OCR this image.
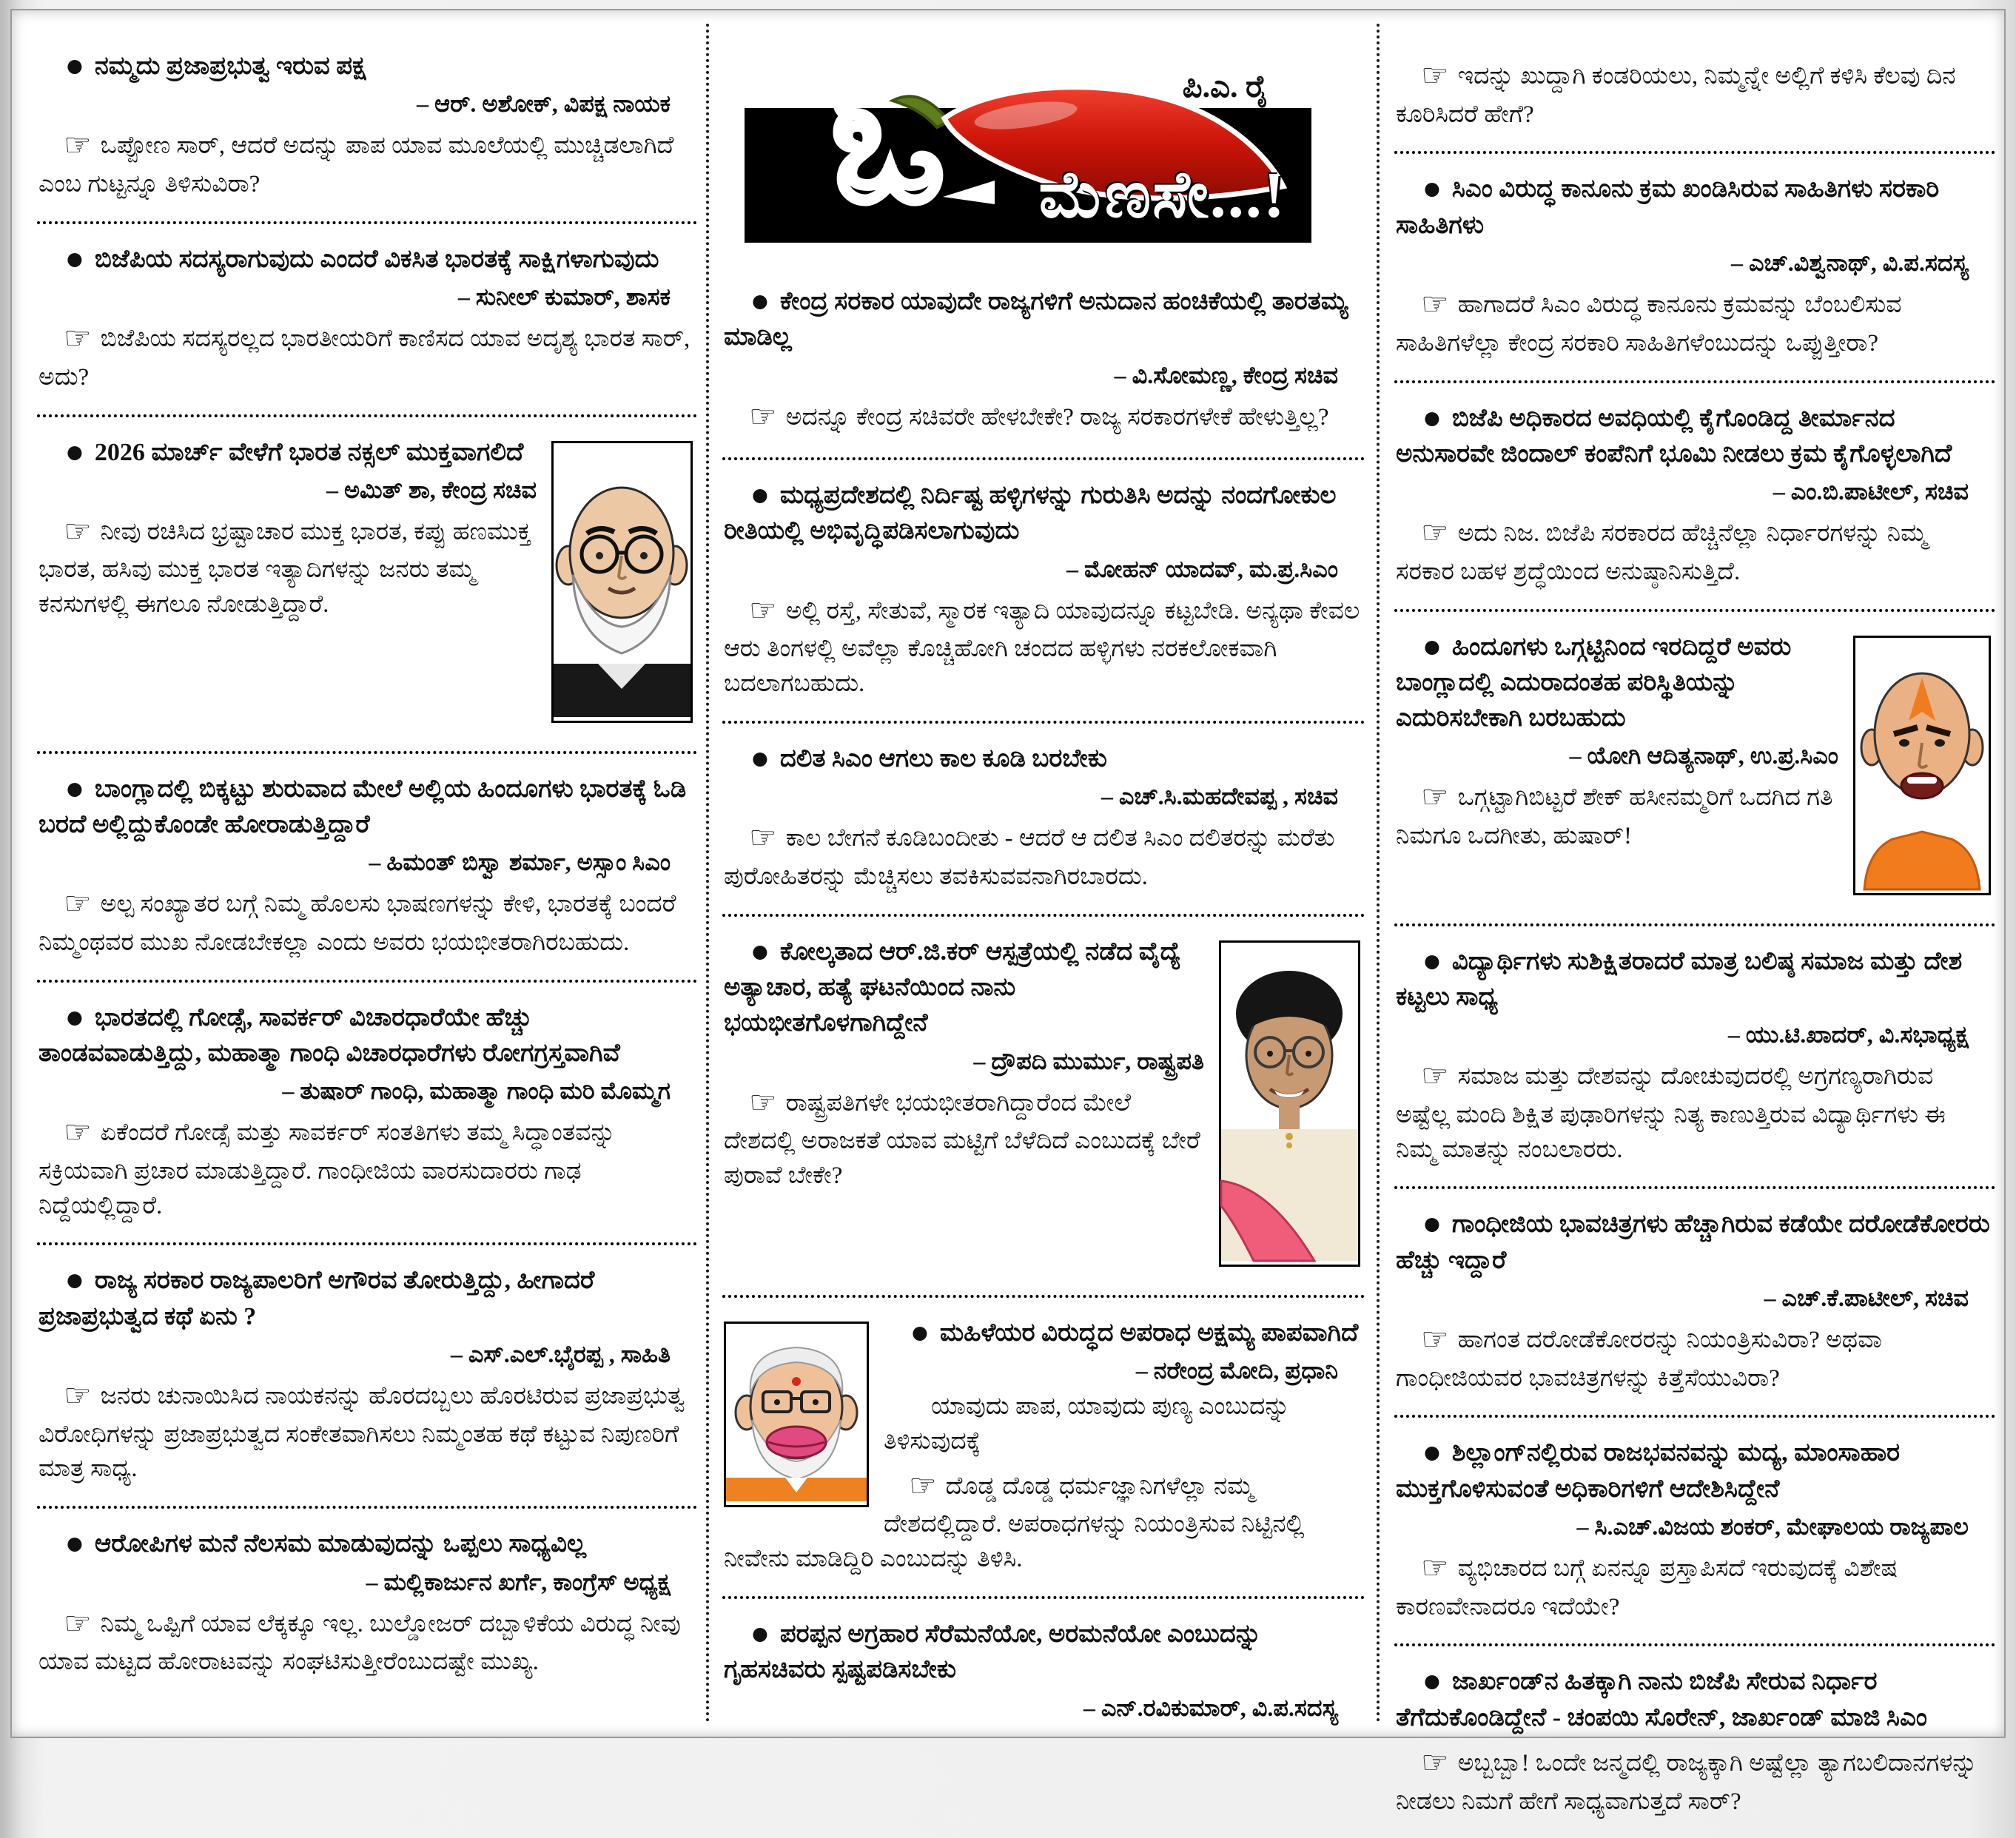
● ನಮ್ಮದು ಪ್ರಜಾಪ್ರಭುತ್ವ ಇರುವ ಪಕ್ಷ

– ಆರ್. ಅಶೋಕ್, ವಿಪಕ್ಷ ನಾಯಕ

☞ ಒಪ್ಪೋಣ ಸಾರ್, ಆದರೆ ಅದನ್ನು ಪಾಪ ಯಾವ ಮೂಲೆಯಲ್ಲಿ ಮುಚ್ಚಿಡಲಾಗಿದೆ ಎಂಬ ಗುಟ್ಟನ್ನೂ ತಿಳಿಸುವಿರಾ?

● ಬಿಜೆಪಿಯ ಸದಸ್ಯರಾಗುವುದು ಎಂದರೆ ವಿಕಸಿತ ಭಾರತಕ್ಕೆ ಸಾಕ್ಷಿಗಳಾಗುವುದು

– ಸುನೀಲ್ ಕುಮಾರ್, ಶಾಸಕ

☞ ಬಿಜೆಪಿಯ ಸದಸ್ಯರಲ್ಲದ ಭಾರತೀಯರಿಗೆ ಕಾಣಿಸದ ಯಾವ ಅದೃಶ್ಯ ಭಾರತ ಸಾರ್, ಅದು?

● 2026 ಮಾರ್ಚ್ ವೇಳೆಗೆ ಭಾರತ ನಕ್ಸಲ್ ಮುಕ್ತವಾಗಲಿದೆ

– ಅಮಿತ್ ಶಾ, ಕೇಂದ್ರ ಸಚಿವ

☞ ನೀವು ರಚಿಸಿದ ಭ್ರಷ್ಟಾಚಾರ ಮುಕ್ತ ಭಾರತ, ಕಪ್ಪು ಹಣಮುಕ್ತ ಭಾರತ, ಹಸಿವು ಮುಕ್ತ ಭಾರತ ಇತ್ಯಾದಿಗಳನ್ನು ಜನರು ತಮ್ಮ ಕನಸುಗಳಲ್ಲಿ ಈಗಲೂ ನೋಡುತ್ತಿದ್ದಾರೆ.

● ಬಾಂಗ್ಲಾದಲ್ಲಿ ಬಿಕ್ಕಟ್ಟು ಶುರುವಾದ ಮೇಲೆ ಅಲ್ಲಿಯ ಹಿಂದೂಗಳು ಭಾರತಕ್ಕೆ ಓಡಿ ಬರದೆ ಅಲ್ಲಿದ್ದುಕೊಂಡೇ ಹೋರಾಡುತ್ತಿದ್ದಾರೆ

– ಹಿಮಂತ್ ಬಿಸ್ವಾ ಶರ್ಮಾ, ಅಸ್ಸಾಂ ಸಿಎಂ

☞ ಅಲ್ಪ ಸಂಖ್ಯಾತರ ಬಗ್ಗೆ ನಿಮ್ಮ ಹೊಲಸು ಭಾಷಣಗಳನ್ನು ಕೇಳಿ, ಭಾರತಕ್ಕೆ ಬಂದರೆ ನಿಮ್ಮಂಥವರ ಮುಖ ನೋಡಬೇಕಲ್ಲಾ ಎಂದು ಅವರು ಭಯಭೀತರಾಗಿರಬಹುದು.

● ಭಾರತದಲ್ಲಿ ಗೋಡ್ಸೆ, ಸಾವರ್ಕರ್ ವಿಚಾರಧಾರೆಯೇ ಹೆಚ್ಚು ತಾಂಡವವಾಡುತ್ತಿದ್ದು, ಮಹಾತ್ಮಾ ಗಾಂಧಿ ವಿಚಾರಧಾರೆಗಳು ರೋಗಗ್ರಸ್ತವಾಗಿವೆ

– ತುಷಾರ್ ಗಾಂಧಿ, ಮಹಾತ್ಮಾ ಗಾಂಧಿ ಮರಿ ಮೊಮ್ಮಗ

☞ ಏಕೆಂದರೆ ಗೋಡ್ಸೆ ಮತ್ತು ಸಾವರ್ಕರ್ ಸಂತತಿಗಳು ತಮ್ಮ ಸಿದ್ಧಾಂತವನ್ನು ಸಕ್ರಿಯವಾಗಿ ಪ್ರಚಾರ ಮಾಡುತ್ತಿದ್ದಾರೆ. ಗಾಂಧೀಜಿಯ ವಾರಸುದಾರರು ಗಾಢ ನಿದ್ದೆಯಲ್ಲಿದ್ದಾರೆ.

● ರಾಜ್ಯ ಸರಕಾರ ರಾಜ್ಯಪಾಲರಿಗೆ ಅಗೌರವ ತೋರುತ್ತಿದ್ದು, ಹೀಗಾದರೆ ಪ್ರಜಾಪ್ರಭುತ್ವದ ಕಥೆ ಏನು ?

– ಎಸ್.ಎಲ್.ಭೈರಪ್ಪ , ಸಾಹಿತಿ

☞ ಜನರು ಚುನಾಯಿಸಿದ ನಾಯಕನನ್ನು ಹೊರದಬ್ಬಲು ಹೊರಟಿರುವ ಪ್ರಜಾಪ್ರಭುತ್ವ ವಿರೋಧಿಗಳನ್ನು ಪ್ರಜಾಪ್ರಭುತ್ವದ ಸಂಕೇತವಾಗಿಸಲು ನಿಮ್ಮಂತಹ ಕಥೆ ಕಟ್ಟುವ ನಿಪುಣರಿಗೆ ಮಾತ್ರ ಸಾಧ್ಯ.

● ಆರೋಪಿಗಳ ಮನೆ ನೆಲಸಮ ಮಾಡುವುದನ್ನು ಒಪ್ಪಲು ಸಾಧ್ಯವಿಲ್ಲ

– ಮಲ್ಲಿಕಾರ್ಜುನ ಖರ್ಗೆ, ಕಾಂಗ್ರೆಸ್ ಅಧ್ಯಕ್ಷ

☞ ನಿಮ್ಮ ಒಪ್ಪಿಗೆ ಯಾವ ಲೆಕ್ಕಕ್ಕೂ ಇಲ್ಲ. ಬುಲ್ಡೋಜರ್ ದಬ್ಬಾಳಿಕೆಯ ವಿರುದ್ಧ ನೀವು ಯಾವ ಮಟ್ಟದ ಹೋರಾಟವನ್ನು ಸಂಘಟಿಸುತ್ತೀರೆಂಬುದಷ್ಟೇ ಮುಖ್ಯ.

ಪಿ.ಎ. ರೈ
ಓ ಮೆಣಸೇ...!

● ಕೇಂದ್ರ ಸರಕಾರ ಯಾವುದೇ ರಾಜ್ಯಗಳಿಗೆ ಅನುದಾನ ಹಂಚಿಕೆಯಲ್ಲಿ ತಾರತಮ್ಯ ಮಾಡಿಲ್ಲ

– ವಿ.ಸೋಮಣ್ಣ, ಕೇಂದ್ರ ಸಚಿವ

☞ ಅದನ್ನೂ ಕೇಂದ್ರ ಸಚಿವರೇ ಹೇಳಬೇಕೇ? ರಾಜ್ಯ ಸರಕಾರಗಳೇಕೆ ಹೇಳುತ್ತಿಲ್ಲ?

● ಮಧ್ಯಪ್ರದೇಶದಲ್ಲಿ ನಿರ್ದಿಷ್ಟ ಹಳ್ಳಿಗಳನ್ನು ಗುರುತಿಸಿ ಅದನ್ನು ನಂದಗೋಕುಲ ರೀತಿಯಲ್ಲಿ ಅಭಿವೃದ್ಧಿಪಡಿಸಲಾಗುವುದು

– ಮೋಹನ್ ಯಾದವ್, ಮ.ಪ್ರ.ಸಿಎಂ

☞ ಅಲ್ಲಿ ರಸ್ತೆ, ಸೇತುವೆ, ಸ್ಮಾರಕ ಇತ್ಯಾದಿ ಯಾವುದನ್ನೂ ಕಟ್ಟಬೇಡಿ. ಅನ್ಯಥಾ ಕೇವಲ ಆರು ತಿಂಗಳಲ್ಲಿ ಅವೆಲ್ಲಾ ಕೊಚ್ಚಿಹೋಗಿ ಚಂದದ ಹಳ್ಳಿಗಳು ನರಕಲೋಕವಾಗಿ ಬದಲಾಗಬಹುದು.

● ದಲಿತ ಸಿಎಂ ಆಗಲು ಕಾಲ ಕೂಡಿ ಬರಬೇಕು

– ಎಚ್.ಸಿ.ಮಹದೇವಪ್ಪ , ಸಚಿವ

☞ ಕಾಲ ಬೇಗನೆ ಕೂಡಿಬಂದೀತು - ಆದರೆ ಆ ದಲಿತ ಸಿಎಂ ದಲಿತರನ್ನು ಮರೆತು ಪುರೋಹಿತರನ್ನು ಮೆಚ್ಚಿಸಲು ತವಕಿಸುವವನಾಗಿರಬಾರದು.

● ಕೋಲ್ಕತಾದ ಆರ್.ಜಿ.ಕರ್ ಆಸ್ಪತ್ರೆಯಲ್ಲಿ ನಡೆದ ವೈದ್ಯೆ ಅತ್ಯಾಚಾರ, ಹತ್ಯೆ ಘಟನೆಯಿಂದ ನಾನು ಭಯಭೀತಗೊಳಗಾಗಿದ್ದೇನೆ

– ದ್ರೌಪದಿ ಮುರ್ಮು, ರಾಷ್ಟ್ರಪತಿ

☞ ರಾಷ್ಟ್ರಪತಿಗಳೇ ಭಯಭೀತರಾಗಿದ್ದಾರೆಂದ ಮೇಲೆ ದೇಶದಲ್ಲಿ ಅರಾಜಕತೆ ಯಾವ ಮಟ್ಟಿಗೆ ಬೆಳೆದಿದೆ ಎಂಬುದಕ್ಕೆ ಬೇರೆ ಪುರಾವೆ ಬೇಕೇ?

● ಮಹಿಳೆಯರ ವಿರುದ್ಧದ ಅಪರಾಧ ಅಕ್ಷಮ್ಯ ಪಾಪವಾಗಿದೆ

– ನರೇಂದ್ರ ಮೋದಿ, ಪ್ರಧಾನಿ

ಯಾವುದು ಪಾಪ, ಯಾವುದು ಪುಣ್ಯ ಎಂಬುದನ್ನು ತಿಳಿಸುವುದಕ್ಕೆ

☞ ದೊಡ್ಡ ದೊಡ್ಡ ಧರ್ಮಜ್ಞಾನಿಗಳೆಲ್ಲಾ ನಮ್ಮ ದೇಶದಲ್ಲಿದ್ದಾರೆ. ಅಪರಾಧಗಳನ್ನು ನಿಯಂತ್ರಿಸುವ ನಿಟ್ಟಿನಲ್ಲಿ ನೀವೇನು ಮಾಡಿದ್ದಿರಿ ಎಂಬುದನ್ನು ತಿಳಿಸಿ.

● ಪರಪ್ಪನ ಅಗ್ರಹಾರ ಸೆರೆಮನೆಯೋ, ಅರಮನೆಯೋ ಎಂಬುದನ್ನು ಗೃಹಸಚಿವರು ಸ್ಪಷ್ಟಪಡಿಸಬೇಕು

– ಎನ್.ರವಿಕುಮಾರ್, ವಿ.ಪ.ಸದಸ್ಯ

☞ ಇದನ್ನು ಖುದ್ದಾಗಿ ಕಂಡರಿಯಲು, ನಿಮ್ಮನ್ನೇ ಅಲ್ಲಿಗೆ ಕಳಿಸಿ ಕೆಲವು ದಿನ ಕೂರಿಸಿದರೆ ಹೇಗೆ?

● ಸಿಎಂ ವಿರುದ್ಧ ಕಾನೂನು ಕ್ರಮ ಖಂಡಿಸಿರುವ ಸಾಹಿತಿಗಳು ಸರಕಾರಿ ಸಾಹಿತಿಗಳು

– ಎಚ್.ವಿಶ್ವನಾಥ್, ವಿ.ಪ.ಸದಸ್ಯ

☞ ಹಾಗಾದರೆ ಸಿಎಂ ವಿರುದ್ಧ ಕಾನೂನು ಕ್ರಮವನ್ನು ಬೆಂಬಲಿಸುವ ಸಾಹಿತಿಗಳೆಲ್ಲಾ ಕೇಂದ್ರ ಸರಕಾರಿ ಸಾಹಿತಿಗಳೆಂಬುದನ್ನು ಒಪ್ಪುತ್ತೀರಾ?

● ಬಿಜೆಪಿ ಅಧಿಕಾರದ ಅವಧಿಯಲ್ಲಿ ಕೈಗೊಂಡಿದ್ದ ತೀರ್ಮಾನದ ಅನುಸಾರವೇ ಜಿಂದಾಲ್ ಕಂಪೆನಿಗೆ ಭೂಮಿ ನೀಡಲು ಕ್ರಮ ಕೈಗೊಳ್ಳಲಾಗಿದೆ

– ಎಂ.ಬಿ.ಪಾಟೀಲ್, ಸಚಿವ

☞ ಅದು ನಿಜ. ಬಿಜೆಪಿ ಸರಕಾರದ ಹೆಚ್ಚಿನೆಲ್ಲಾ ನಿರ್ಧಾರಗಳನ್ನು ನಿಮ್ಮ ಸರಕಾರ ಬಹಳ ಶ್ರದ್ಧೆಯಿಂದ ಅನುಷ್ಠಾನಿಸುತ್ತಿದೆ.

● ಹಿಂದೂಗಳು ಒಗ್ಗಟ್ಟಿನಿಂದ ಇರದಿದ್ದರೆ ಅವರು ಬಾಂಗ್ಲಾದಲ್ಲಿ ಎದುರಾದಂತಹ ಪರಿಸ್ಥಿತಿಯನ್ನು ಎದುರಿಸಬೇಕಾಗಿ ಬರಬಹುದು

– ಯೋಗಿ ಆದಿತ್ಯನಾಥ್, ಉ.ಪ್ರ.ಸಿಎಂ

☞ ಒಗ್ಗಟ್ಟಾಗಿಬಿಟ್ಟರೆ ಶೇಕ್ ಹಸೀನಮ್ಮರಿಗೆ ಒದಗಿದ ಗತಿ ನಿಮಗೂ ಒದಗೀತು, ಹುಷಾರ್!

● ವಿದ್ಯಾರ್ಥಿಗಳು ಸುಶಿಕ್ಷಿತರಾದರೆ ಮಾತ್ರ ಬಲಿಷ್ಠ ಸಮಾಜ ಮತ್ತು ದೇಶ ಕಟ್ಟಲು ಸಾಧ್ಯ

– ಯು.ಟಿ.ಖಾದರ್, ವಿ.ಸಭಾಧ್ಯಕ್ಷ

☞ ಸಮಾಜ ಮತ್ತು ದೇಶವನ್ನು ದೋಚುವುದರಲ್ಲಿ ಅಗ್ರಗಣ್ಯರಾಗಿರುವ ಅಷ್ಟೆಲ್ಲ ಮಂದಿ ಶಿಕ್ಷಿತ ಪುಢಾರಿಗಳನ್ನು ನಿತ್ಯ ಕಾಣುತ್ತಿರುವ ವಿದ್ಯಾರ್ಥಿಗಳು ಈ ನಿಮ್ಮ ಮಾತನ್ನು ನಂಬಲಾರರು.

● ಗಾಂಧೀಜಿಯ ಭಾವಚಿತ್ರಗಳು ಹೆಚ್ಚಾಗಿರುವ ಕಡೆಯೇ ದರೋಡೆಕೋರರು ಹೆಚ್ಚು ಇದ್ದಾರೆ

– ಎಚ್.ಕೆ.ಪಾಟೀಲ್, ಸಚಿವ

☞ ಹಾಗಂತ ದರೋಡೆಕೋರರನ್ನು ನಿಯಂತ್ರಿಸುವಿರಾ? ಅಥವಾ ಗಾಂಧೀಜಿಯವರ ಭಾವಚಿತ್ರಗಳನ್ನು ಕಿತ್ತೆಸೆಯುವಿರಾ?

● ಶಿಲ್ಲಾಂಗ್‌ನಲ್ಲಿರುವ ರಾಜಭವನವನ್ನು ಮದ್ಯ, ಮಾಂಸಾಹಾರ ಮುಕ್ತಗೊಳಿಸುವಂತೆ ಅಧಿಕಾರಿಗಳಿಗೆ ಆದೇಶಿಸಿದ್ದೇನೆ

– ಸಿ.ಎಚ್.ವಿಜಯ ಶಂಕರ್, ಮೇಘಾಲಯ ರಾಜ್ಯಪಾಲ

☞ ವ್ಯಭಿಚಾರದ ಬಗ್ಗೆ ಏನನ್ನೂ ಪ್ರಸ್ತಾಪಿಸದೆ ಇರುವುದಕ್ಕೆ ವಿಶೇಷ ಕಾರಣವೇನಾದರೂ ಇದೆಯೇ?

● ಜಾರ್ಖಂಡ್‌ನ ಹಿತಕ್ಕಾಗಿ ನಾನು ಬಿಜೆಪಿ ಸೇರುವ ನಿರ್ಧಾರ ತೆಗೆದುಕೊಂಡಿದ್ದೇನೆ - ಚಂಪಯಿ ಸೊರೇನ್, ಜಾರ್ಖಂಡ್ ಮಾಜಿ ಸಿಎಂ

☞ ಅಬ್ಬಬ್ಬಾ! ಒಂದೇ ಜನ್ಮದಲ್ಲಿ ರಾಜ್ಯಕ್ಕಾಗಿ ಅಷ್ಟೆಲ್ಲಾ ತ್ಯಾಗಬಲಿದಾನಗಳನ್ನು ನೀಡಲು ನಿಮಗೆ ಹೇಗೆ ಸಾಧ್ಯವಾಗುತ್ತದೆ ಸಾರ್?
